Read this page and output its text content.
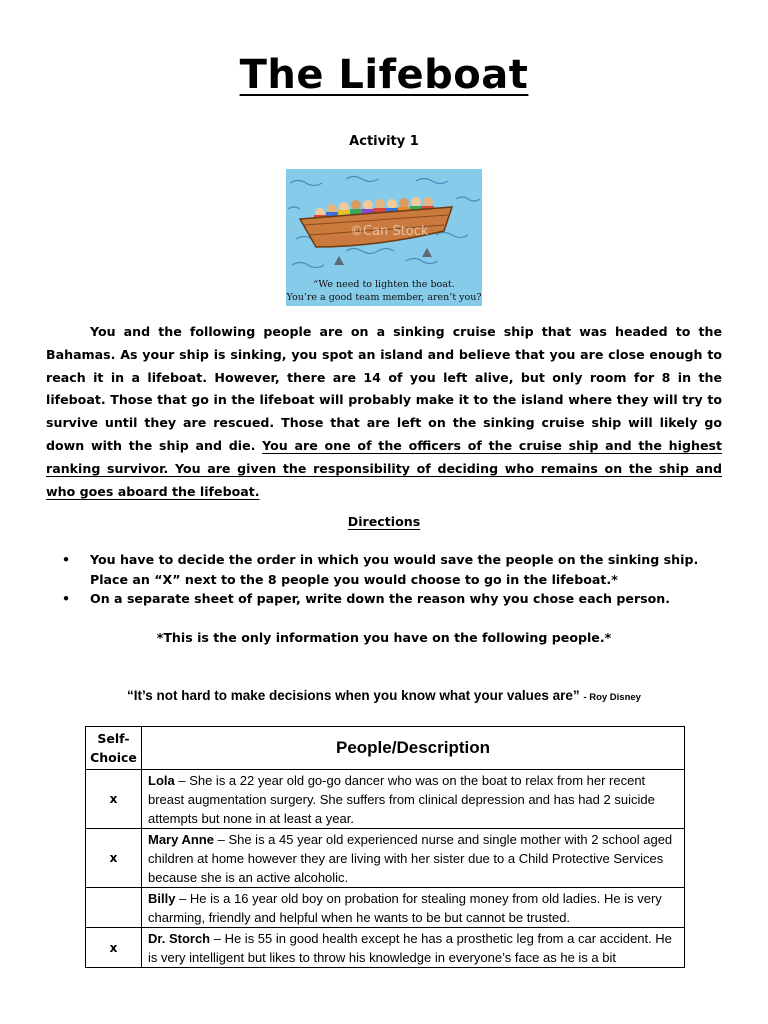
The Lifeboat
Activity 1
©Can Stock
“We need to lighten the boat.
You’re a good team member, aren’t you?
You and the following people are on a sinking cruise ship that was headed to the Bahamas. As your ship is sinking, you spot an island and believe that you are close enough to reach it in a lifeboat. However, there are 14 of you left alive, but only room for 8 in the lifeboat. Those that go in the lifeboat will probably make it to the island where they will try to survive until they are rescued. Those that are left on the sinking cruise ship will likely go down with the ship and die. You are one of the officers of the cruise ship and the highest ranking survivor. You are given the responsibility of deciding who remains on the ship and who goes aboard the lifeboat.
Directions
• You have to decide the order in which you would save the people on the sinking ship. Place an “X” next to the 8 people you would choose to go in the lifeboat.*
• On a separate sheet of paper, write down the reason why you chose each person.
*This is the only information you have on the following people.*
“It’s not hard to make decisions when you know what your values are” - Roy Disney
Self-Choice	People/Description
x	Lola – She is a 22 year old go-go dancer who was on the boat to relax from her recent breast augmentation surgery. She suffers from clinical depression and has had 2 suicide attempts but none in at least a year.
x	Mary Anne – She is a 45 year old experienced nurse and single mother with 2 school aged children at home however they are living with her sister due to a Child Protective Services because she is an active alcoholic.
	Billy – He is a 16 year old boy on probation for stealing money from old ladies. He is very charming, friendly and helpful when he wants to be but cannot be trusted.
x	Dr. Storch – He is 55 in good health except he has a prosthetic leg from a car accident. He is very intelligent but likes to throw his knowledge in everyone’s face as he is a bit
